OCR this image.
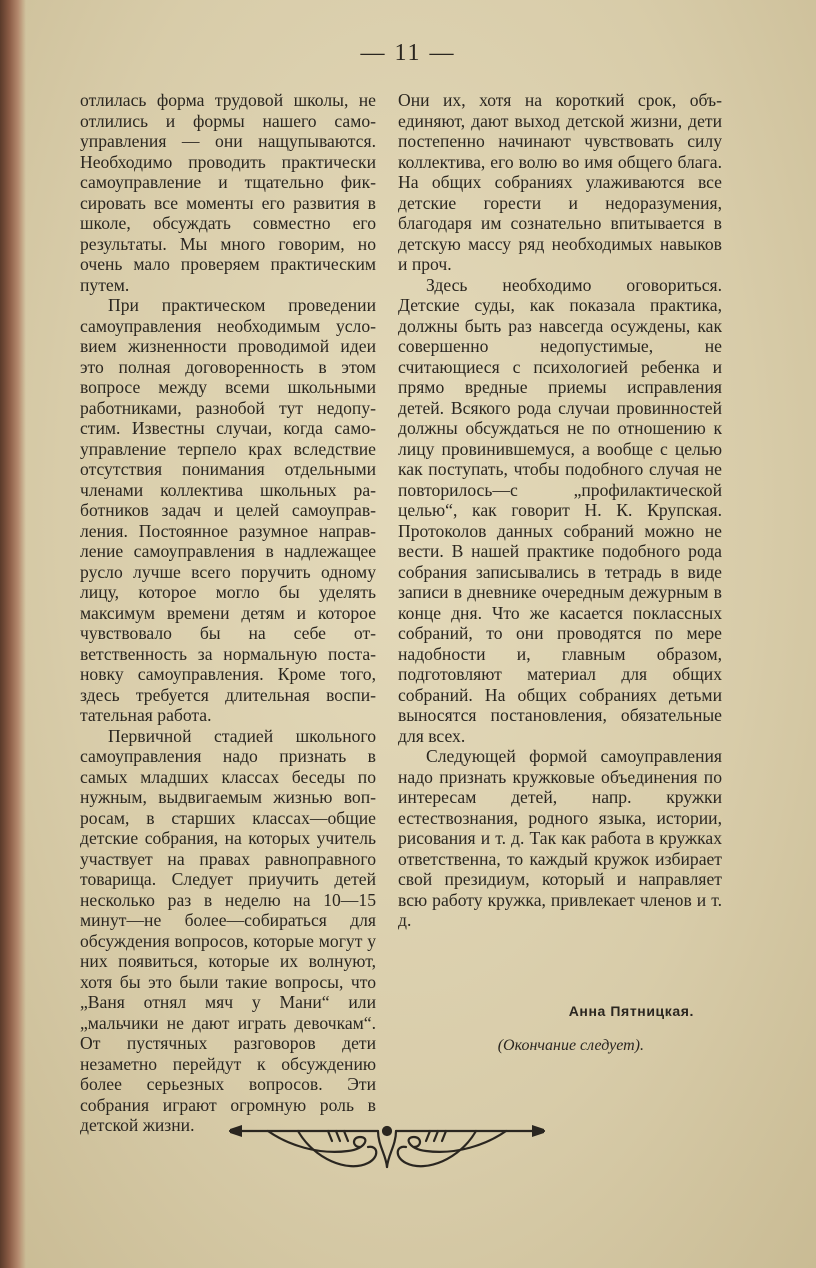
— 11 —

отлилась форма трудовой школы, не отлились и формы нашего самоуправления — они нащупываются. Необходимо проводить практически самоуправление и тщательно фиксировать все моменты его развития в школе, обсуждать совместно его результаты. Мы много говорим, но очень мало проверяем практическим путем.

При практическом проведении самоуправления необходимым условием жизненности проводимой идеи это полная договоренность в этом вопросе между всеми школьными работниками, разнобой тут недопустим. Известны случаи, когда самоуправление терпело крах вследствие отсутствия понимания отдельными членами коллектива школьных работников задач и целей самоуправления. Постоянное разумное направление самоуправления в надлежащее русло лучше всего поручить одному лицу, которое могло бы уделять максимум времени детям и которое чувствовало бы на себе ответственность за нормальную постановку самоуправления. Кроме того, здесь требуется длительная воспитательная работа.

Первичной стадией школьного самоуправления надо признать в самых младших классах беседы по нужным, выдвигаемым жизнью вопросам, в старших классах—общие детские собрания, на которых учитель участвует на правах равноправного товарища. Следует приучить детей несколько раз в неделю на 10—15 минут—не более—собираться для обсуждения вопросов, которые могут у них появиться, которые их волнуют, хотя бы это были такие вопросы, что „Ваня отнял мяч у Мани“ или „мальчики не дают играть девочкам“. От пустячных разговоров дети незаметно перейдут к обсуждению более серьезных вопросов. Эти собрания играют огромную роль в детской жизни.

Они их, хотя на короткий срок, объединяют, дают выход детской жизни, дети постепенно начинают чувствовать силу коллектива, его волю во имя общего блага. На общих собраниях улаживаются все детские горести и недоразумения, благодаря им сознательно впитывается в детскую массу ряд необходимых навыков и проч.

Здесь необходимо оговориться. Детские суды, как показала практика, должны быть раз навсегда осуждены, как совершенно недопустимые, не считающиеся с психологией ребенка и прямо вредные приемы исправления детей. Всякого рода случаи провинностей должны обсуждаться не по отношению к лицу провинившемуся, а вообще с целью как поступать, чтобы подобного случая не повторилось—с „профилактической целью“, как говорит Н. К. Крупская. Протоколов данных собраний можно не вести. В нашей практике подобного рода собрания записывались в тетрадь в виде записи в дневнике очередным дежурным в конце дня. Что же касается поклассных собраний, то они проводятся по мере надобности и, главным образом, подготовляют материал для общих собраний. На общих собраниях детьми выносятся постановления, обязательные для всех.

Следующей формой самоуправления надо признать кружковые объединения по интересам детей, напр. кружки естествознания, родного языка, истории, рисования и т. д. Так как работа в кружках ответственна, то каждый кружок избирает свой президиум, который и направляет всю работу кружка, привлекает членов и т. д.

Анна Пятницкая.
(Окончание следует).
